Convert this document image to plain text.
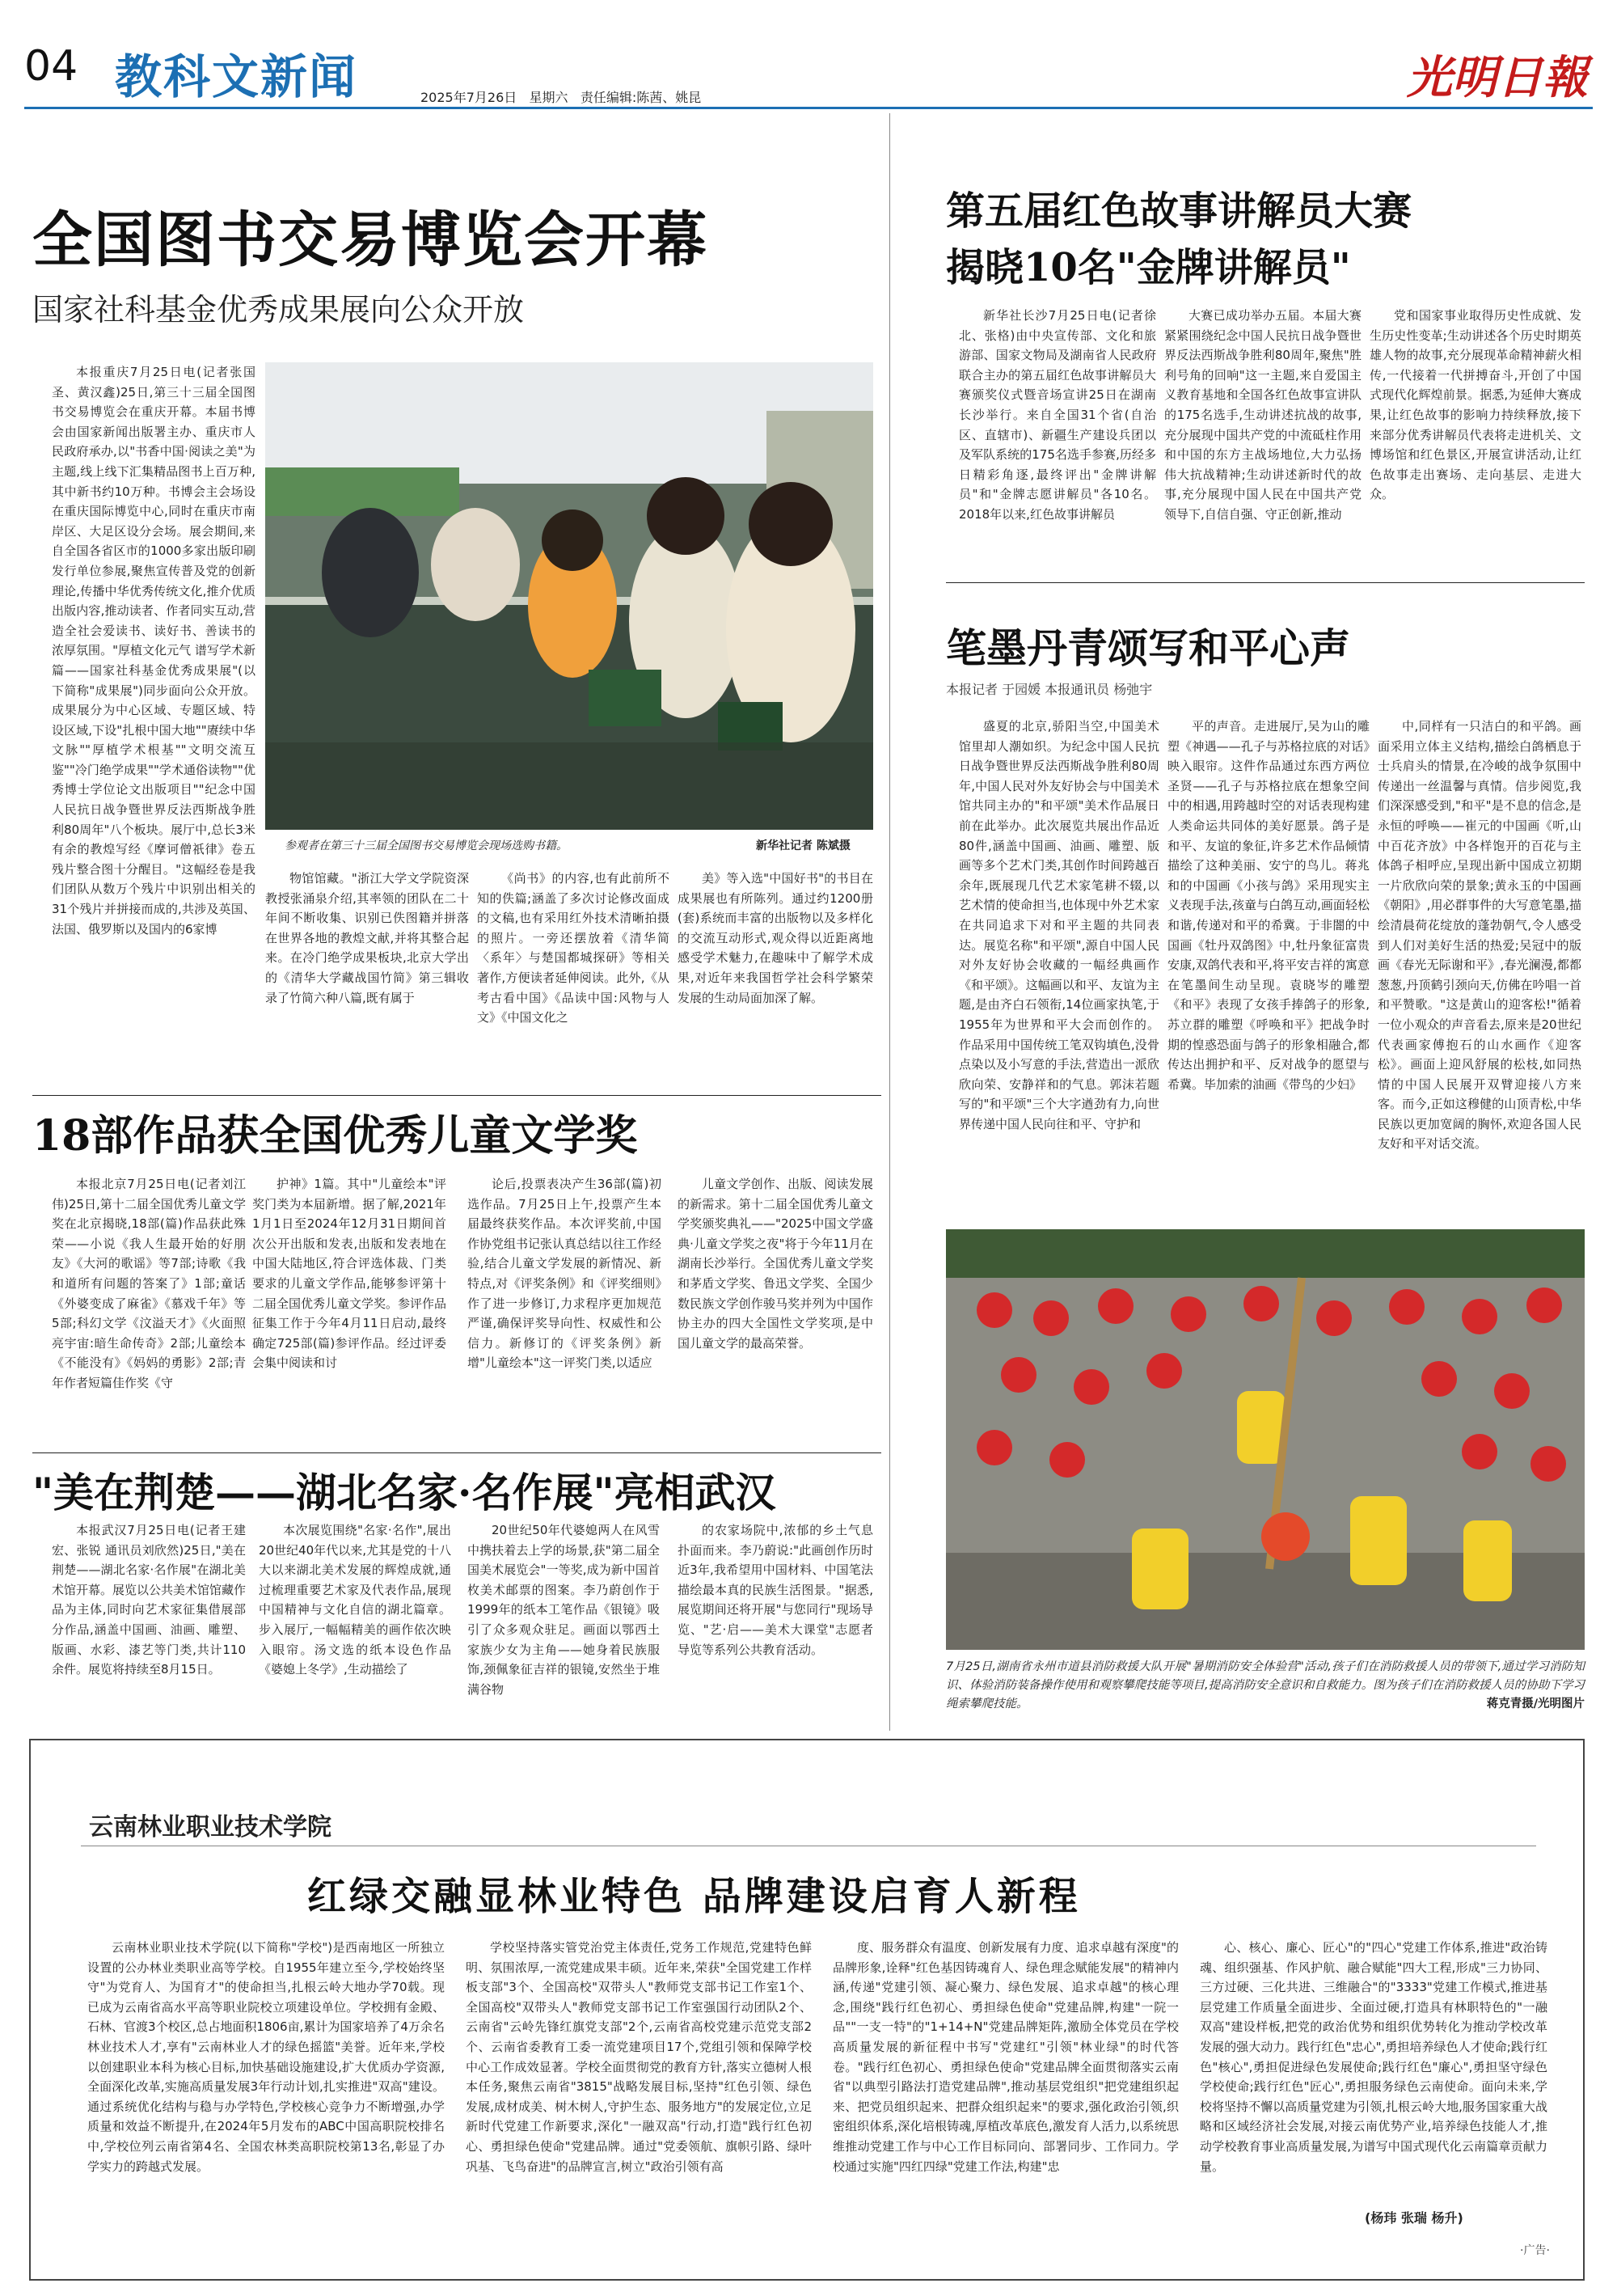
04 教科文新闻	2025年7月26日 星期六 责任编辑:陈茜、姚昆	光明日報
全国图书交易博览会开幕
国家社科基金优秀成果展向公众开放

本报重庆7月25日电(记者张国圣、黄汉鑫)25日,第三十三届全国图书交易博览会在重庆开幕。本届书博会由国家新闻出版署主办、重庆市人民政府承办,以"书香中国·阅读之美"为主题,线上线下汇集精品图书上百万种,其中新书约10万种。书博会主会场设在重庆国际博览中心,同时在重庆市南岸区、大足区设分会场。展会期间,来自全国各省区市的1000多家出版印刷发行单位参展,聚焦宣传普及党的创新理论,传播中华优秀传统文化,推介优质出版内容,推动读者、作者同实互动,营造全社会爱读书、读好书、善读书的浓厚氛围。"厚植文化元气 谱写学术新篇——国家社科基金优秀成果展"(以下简称"成果展")同步面向公众开放。成果展分为中心区域、专题区域、特设区域,下设"扎根中国大地""赓续中华文脉""厚植学术根基""文明交流互鉴""冷门绝学成果""学术通俗读物""优秀博士学位论文出版项目""纪念中国人民抗日战争暨世界反法西斯战争胜利80周年"八个板块。展厅中,总长3米有余的教煌写经《摩诃僧祇律》卷五残片整合图十分醒目。"这幅经卷是我们团队从数万个残片中识别出相关的31个残片并拼接而成的,共涉及英国、法国、俄罗斯以及国内的6家博

参观者在第三十三届全国图书交易博览会现场选购书籍。	新华社记者 陈斌摄

物馆馆藏。"浙江大学文学院资深教授张涌泉介绍,其率领的团队在二十年间不断收集、识别已佚图籍并拼落在世界各地的教煌文献,并将其整合起来。在冷门绝学成果板块,北京大学出的《清华大学藏战国竹简》第三辑收录了竹简六种八篇,既有属于

《尚书》的内容,也有此前所不知的佚篇;涵盖了多次讨论修改面成的文稿,也有采用红外技术清晰拍摄的照片。一旁还摆放着《清华简〈系年〉与楚国都城探研》等相关著作,方便读者延伸阅读。此外,《从考古看中国》《品读中国:风物与人文》《中国文化之

美》等入选"中国好书"的书目在成果展也有所陈列。通过约1200册(套)系统而丰富的出版物以及多样化的交流互动形式,观众得以近距离地感受学术魅力,在趣味中了解学术成果,对近年来我国哲学社会科学繁荣发展的生动局面加深了解。

18部作品获全国优秀儿童文学奖

本报北京7月25日电(记者刘江伟)25日,第十二届全国优秀儿童文学奖在北京揭晓,18部(篇)作品获此殊荣——小说《我人生最开始的好朋友》《大河的歌谣》等7部;诗歌《我和道所有问题的答案了》1部;童话《外婆变成了麻雀》《慕戏千年》等5部;科幻文学《汶溢天才》《火面照亮宇宙:暗生命传奇》2部;儿童绘本《不能没有》《妈妈的勇影》2部;青年作者短篇佳作奖《守

护神》1篇。其中"儿童绘本"评奖门类为本届新增。据了解,2021年1月1日至2024年12月31日期间首次公开出版和发表,出版和发表地在中国大陆地区,符合评选体裁、门类要求的儿童文学作品,能够参评第十二届全国优秀儿童文学奖。参评作品征集工作于今年4月11日启动,最终确定725部(篇)参评作品。经过评委会集中阅读和讨

论后,投票表决产生36部(篇)初选作品。7月25日上午,投票产生本届最终获奖作品。本次评奖前,中国作协党组书记张认真总结以往工作经验,结合儿童文学发展的新情况、新特点,对《评奖条例》和《评奖细则》作了进一步修订,力求程序更加规范严谨,确保评奖导向性、权威性和公信力。新修订的《评奖条例》新增"儿童绘本"这一评奖门类,以适应

儿童文学创作、出版、阅读发展的新需求。第十二届全国优秀儿童文学奖颁奖典礼——"2025中国文学盛典·儿童文学奖之夜"将于今年11月在湖南长沙举行。全国优秀儿童文学奖和茅盾文学奖、鲁迅文学奖、全国少数民族文学创作骏马奖并列为中国作协主办的四大全国性文学奖项,是中国儿童文学的最高荣誉。

"美在荆楚——湖北名家·名作展"亮相武汉

本报武汉7月25日电(记者王建宏、张锐 通讯员刘欣然)25日,"美在荆楚——湖北名家·名作展"在湖北美术馆开幕。展览以公共美术馆馆藏作品为主体,同时向艺术家征集借展部分作品,涵盖中国画、油画、雕塑、版画、水彩、漆艺等门类,共计110余件。展览将持续至8月15日。

本次展览围绕"名家·名作",展出20世纪40年代以来,尤其是党的十八大以来湖北美术发展的辉煌成就,通过梳理重要艺术家及代表作品,展现中国精神与文化自信的湖北篇章。步入展厅,一幅幅精美的画作依次映入眼帘。汤文选的纸本设色作品《婆媳上冬学》,生动描绘了

20世纪50年代婆媳两人在风雪中携扶着去上学的场景,获"第二届全国美术展览会"一等奖,成为新中国首枚美术邮票的图案。李乃蔚创作于1999年的纸本工笔作品《银镜》吸引了众多观众驻足。画面以鄂西土家族少女为主角——她身着民族服饰,颈佩象征吉祥的银镜,安然坐于堆满谷物

的农家场院中,浓郁的乡土气息扑面而来。李乃蔚说:"此画创作历时近3年,我希望用中国材料、中国笔法描绘最本真的民族生活图景。"据悉,展览期间还将开展"与您同行"现场导览、"艺·启——美术大课堂"志愿者导览等系列公共教育活动。

第五届红色故事讲解员大赛
揭晓10名"金牌讲解员"

新华社长沙7月25日电(记者徐北、张格)由中央宣传部、文化和旅游部、国家文物局及湖南省人民政府联合主办的第五届红色故事讲解员大赛颁奖仪式暨音场宣讲25日在湖南长沙举行。来自全国31个省(自治区、直辖市)、新疆生产建设兵团以及军队系统的175名选手参赛,历经多日精彩角逐,最终评出"金牌讲解员"和"金牌志愿讲解员"各10名。2018年以来,红色故事讲解员

大赛已成功举办五届。本届大赛紧紧围绕纪念中国人民抗日战争暨世界反法西斯战争胜利80周年,聚焦"胜利号角的回响"这一主题,来自爱国主义教育基地和全国各红色故事宣讲队的175名选手,生动讲述抗战的故事,充分展现中国共产党的中流砥柱作用和中国的东方主战场地位,大力弘扬伟大抗战精神;生动讲述新时代的故事,充分展现中国人民在中国共产党领导下,自信自强、守正创新,推动

党和国家事业取得历史性成就、发生历史性变革;生动讲述各个历史时期英雄人物的故事,充分展现革命精神薪火相传,一代接着一代拼搏奋斗,开创了中国式现代化辉煌前景。据悉,为延伸大赛成果,让红色故事的影响力持续释放,接下来部分优秀讲解员代表将走进机关、文博场馆和红色景区,开展宣讲活动,让红色故事走出赛场、走向基层、走进大众。

笔墨丹青颂写和平心声
本报记者 于园媛 本报通讯员 杨弛宇

盛夏的北京,骄阳当空,中国美术馆里却人潮如织。为纪念中国人民抗日战争暨世界反法西斯战争胜利80周年,中国人民对外友好协会与中国美术馆共同主办的"和平颂"美术作品展日前在此举办。此次展览共展出作品近80件,涵盖中国画、油画、雕塑、版画等多个艺术门类,其创作时间跨越百余年,既展现几代艺术家笔耕不辍,以艺术情的使命担当,也体现中外艺术家在共同追求下对和平主题的共同表达。展览名称"和平颂",源自中国人民对外友好协会收藏的一幅经典画作《和平颂》。这幅画以和平、友谊为主题,是由齐白石领衔,14位画家执笔,于1955年为世界和平大会而创作的。作品采用中国传统工笔双钩填色,没骨点染以及小写意的手法,营造出一派欣欣向荣、安静祥和的气息。郭沫若题写的"和平颂"三个大字遒劲有力,向世界传递中国人民向往和平、守护和

平的声音。走进展厅,吴为山的雕塑《神遇——孔子与苏格拉底的对话》映入眼帘。这件作品通过东西方两位圣贤——孔子与苏格拉底在想象空间中的相遇,用跨越时空的对话表现构建人类命运共同体的美好愿景。鸽子是和平、友谊的象征,许多艺术作品倾情描绘了这种美丽、安宁的鸟儿。蒋兆和的中国画《小孩与鸽》采用现实主义表现手法,孩童与白鸽互动,画面轻松和谐,传递对和平的希冀。于非闇的中国画《牡丹双鸽图》中,牡丹象征富贵安康,双鸽代表和平,将平安吉祥的寓意在笔墨间生动呈现。袁晓岑的雕塑《和平》表现了女孩手捧鸽子的形象,苏立群的雕塑《呼唤和平》把战争时期的惶惑恐面与鸽子的形象相融合,都传达出拥护和平、反对战争的愿望与希冀。毕加索的油画《带鸟的少妇》

中,同样有一只洁白的和平鸽。画面采用立体主义结构,描绘白鸽栖息于士兵肩头的情景,在冷峻的战争氛围中传递出一丝温馨与真情。信步阅览,我们深深感受到,"和平"是不息的信念,是永恒的呼唤——崔元的中国画《听,山中百花齐放》中各样饱开的百花与主体鸽子相呼应,呈现出新中国成立初期一片欣欣向荣的景象;黄永玉的中国画《朝阳》,用必群事件的大写意笔墨,描绘清晨荷花绽放的蓬勃朝气,令人感受到人们对美好生活的热爱;吴冠中的版画《春光无际谢和平》,春光澜漫,都都葱葱,丹顶鹤引颈向天,仿佛在吟唱一首和平赞歌。"这是黄山的迎客松!"循着一位小观众的声音看去,原来是20世纪代表画家傅抱石的山水画作《迎客松》。画面上迎风舒展的松枝,如同热情的中国人民展开双臂迎接八方来客。而今,正如这穆健的山顶青松,中华民族以更加宽阔的胸怀,欢迎各国人民友好和平对话交流。

7月25日,湖南省永州市道县消防救援大队开展"暑期消防安全体验营"活动,孩子们在消防救援人员的带领下,通过学习消防知识、体验消防装备操作使用和观察攀爬技能等项目,提高消防安全意识和自救能力。图为孩子们在消防救援人员的协助下学习绳索攀爬技能。	蒋克青摄/光明图片
云南林业职业技术学院
红绿交融显林业特色 品牌建设启育人新程

云南林业职业技术学院(以下简称"学校")是西南地区一所独立设置的公办林业类职业高等学校。自1955年建立至今,学校始终坚守"为党育人、为国育才"的使命担当,扎根云岭大地办学70载。现已成为云南省高水平高等职业院校立项建设单位。学校拥有金殿、石林、官渡3个校区,总占地面积1806亩,累计为国家培养了4万余名林业技术人才,享有"云南林业人才的绿色摇篮"美誉。近年来,学校以创建职业本科为核心目标,加快基础设施建设,扩大优质办学资源,全面深化改革,实施高质量发展3年行动计划,扎实推进"双高"建设。通过系统优化结构与稳与办学特色,学校核心竞争力不断增强,办学质量和效益不断提升,在2024年5月发布的ABC中国高职院校排名中,学校位列云南省第4名、全国农林类高职院校第13名,彰显了办学实力的跨越式发展。

学校坚持落实管党治党主体责任,党务工作规范,党建特色鲜明、氛围浓厚,一流党建成果丰硕。近年来,荣获"全国党建工作样板支部"3个、全国高校"双带头人"教师党支部书记工作室1个、全国高校"双带头人"教师党支部书记工作室强国行动团队2个、云南省"云岭先锋红旗党支部"2个,云南省高校党建示范党支部2个、云南省委教育工委一流党建项目17个,党组引领和保障学校中心工作成效显著。学校全面贯彻党的教育方针,落实立德树人根本任务,聚焦云南省"3815"战略发展目标,坚持"红色引领、绿色发展,成材成美、树木树人,守护生态、服务地方"的发展定位,立足新时代党建工作新要求,深化"一融双高"行动,打造"践行红色初心、勇担绿色使命"党建品牌。通过"党委领航、旗帜引路、绿叶巩基、飞鸟奋进"的品牌宣言,树立"政治引领有高

度、服务群众有温度、创新发展有力度、追求卓越有深度"的品牌形象,诠释"红色基因铸魂育人、绿色理念赋能发展"的精神内涵,传递"党建引领、凝心聚力、绿色发展、追求卓越"的核心理念,围绕"践行红色初心、勇担绿色使命"党建品牌,构建"一院一品""一支一特"的"1+14+N"党建品牌矩阵,激励全体党员在学校高质量发展的新征程中书写"党建红"引领"林业绿"的时代答卷。"践行红色初心、勇担绿色使命"党建品牌全面贯彻落实云南省"以典型引路法打造党建品牌",推动基层党组织"把党建组织起来、把党员组织起来、把群众组织起来"的要求,强化政治引领,织密组织体系,深化培根铸魂,厚植改革底色,激发育人活力,以系统思维推动党建工作与中心工作目标同向、部署同步、工作同力。学校通过实施"四红四绿"党建工作法,构建"忠

心、核心、廉心、匠心"的"四心"党建工作体系,推进"政治铸魂、组织强基、作风护航、融合赋能"四大工程,形成"三力协同、三方过硬、三化共进、三维融合"的"3333"党建工作模式,推进基层党建工作质量全面进步、全面过硬,打造具有林职特色的"一融双高"建设样板,把党的政治优势和组织优势转化为推动学校改革发展的强大动力。践行红色"忠心",勇担培养绿色人才使命;践行红色"核心",勇担促进绿色发展使命;践行红色"廉心",勇担坚守绿色学校使命;践行红色"匠心",勇担服务绿色云南使命。面向未来,学校将坚持不懈以高质量党建为引领,扎根云岭大地,服务国家重大战略和区域经济社会发展,对接云南优势产业,培养绿色技能人才,推动学校教育事业高质量发展,为谱写中国式现代化云南篇章贡献力量。

(杨玮 张瑞 杨升)
·广告·
